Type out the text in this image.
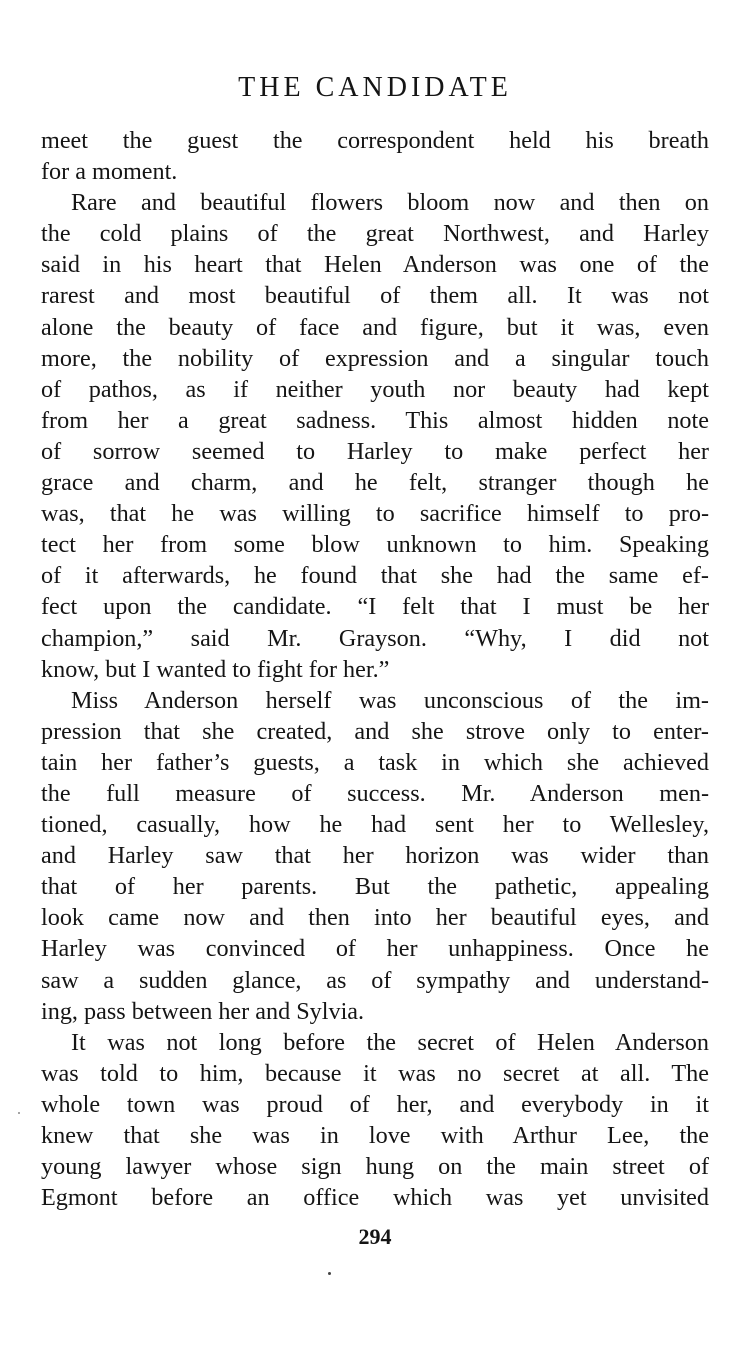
THE CANDIDATE
meet the guest the correspondent held his breath
for a moment.
Rare and beautiful flowers bloom now and then on
the cold plains of the great Northwest, and Harley
said in his heart that Helen Anderson was one of the
rarest and most beautiful of them all. It was not
alone the beauty of face and figure, but it was, even
more, the nobility of expression and a singular touch
of pathos, as if neither youth nor beauty had kept
from her a great sadness. This almost hidden note
of sorrow seemed to Harley to make perfect her
grace and charm, and he felt, stranger though he
was, that he was willing to sacrifice himself to pro-
tect her from some blow unknown to him. Speaking
of it afterwards, he found that she had the same ef-
fect upon the candidate. “I felt that I must be her
champion,” said Mr. Grayson. “Why, I did not
know, but I wanted to fight for her.”
Miss Anderson herself was unconscious of the im-
pression that she created, and she strove only to enter-
tain her father’s guests, a task in which she achieved
the full measure of success. Mr. Anderson men-
tioned, casually, how he had sent her to Wellesley,
and Harley saw that her horizon was wider than
that of her parents. But the pathetic, appealing
look came now and then into her beautiful eyes, and
Harley was convinced of her unhappiness. Once he
saw a sudden glance, as of sympathy and understand-
ing, pass between her and Sylvia.
It was not long before the secret of Helen Anderson
was told to him, because it was no secret at all. The
whole town was proud of her, and everybody in it
knew that she was in love with Arthur Lee, the
young lawyer whose sign hung on the main street of
Egmont before an office which was yet unvisited
294
